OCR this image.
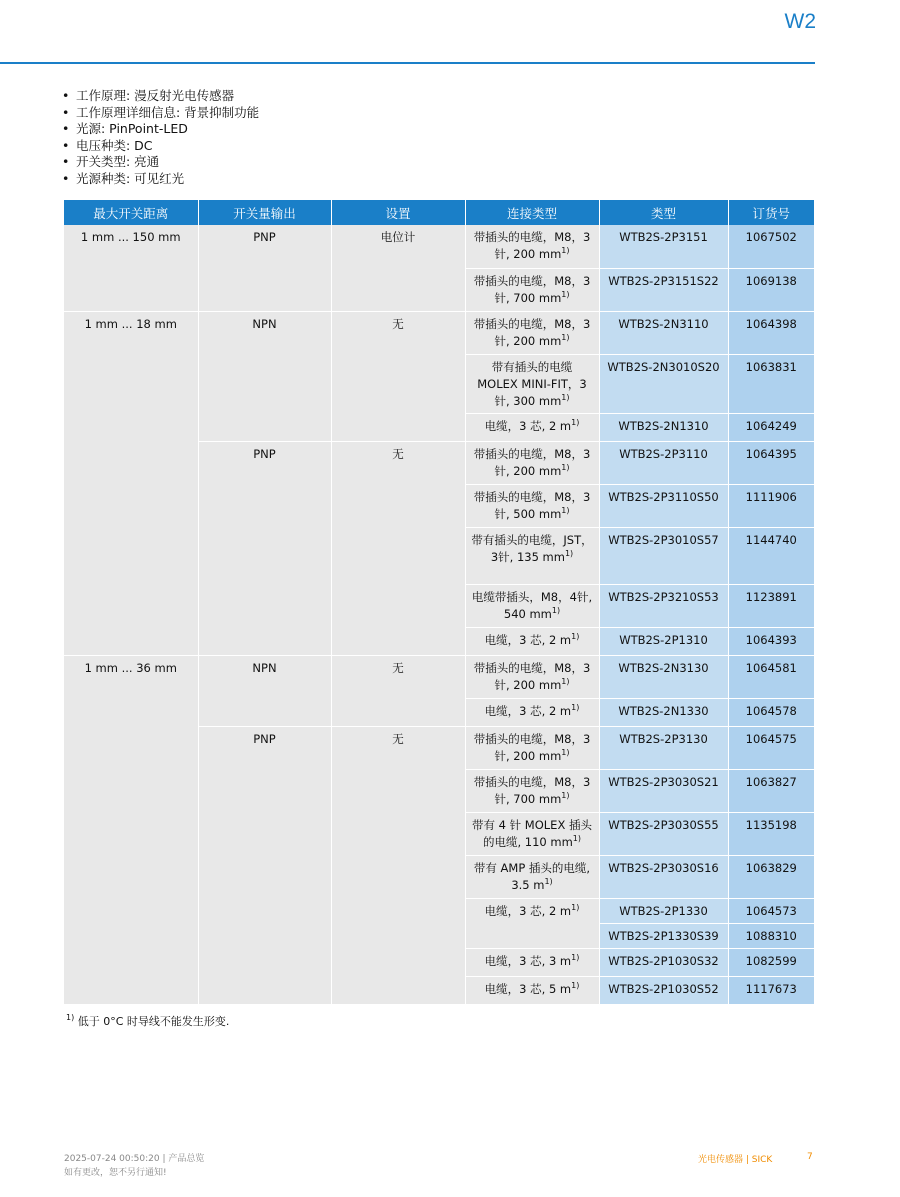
W2
• 工作原理: 漫反射光电传感器
• 工作原理详细信息: 背景抑制功能
• 光源: PinPoint-LED
• 电压种类: DC
• 开关类型: 亮通
• 光源种类: 可见红光
最大开关距离	开关量输出	设置	连接类型	类型	订货号
1 mm ... 150 mm	PNP	电位计	带插头的电缆，M8，3针, 200 $mm^{1)}$	WTB2S-2P3151	1067502
			带插头的电缆，M8，3针, 700 $mm^{1)}$	WTB2S-2P3151S22	1069138
1 mm ... 18 mm	NPN	无	带插头的电缆，M8，3针, 200 $mm^{1)}$	WTB2S-2N3110	1064398
			带有插头的电缆 MOLEX MINI-FIT，3 针, 300 $mm^{1)}$	WTB2S-2N3010S20	1063831
			电缆，3 芯, 2 $m^{1)}$	WTB2S-2N1310	1064249
	PNP	无	带插头的电缆，M8，3针, 200 $mm^{1)}$	WTB2S-2P3110	1064395
			带插头的电缆，M8，3针, 500 $mm^{1)}$	WTB2S-2P3110S50	1111906
			带有插头的电缆，JST，3针, 135 $mm^{1)}$	WTB2S-2P3010S57	1144740
			电缆带插头，M8，4针, 540 $mm^{1)}$	WTB2S-2P3210S53	1123891
			电缆，3 芯, 2 $m^{1)}$	WTB2S-2P1310	1064393
1 mm ... 36 mm	NPN	无	带插头的电缆，M8，3针, 200 $mm^{1)}$	WTB2S-2N3130	1064581
			电缆，3 芯, 2 $m^{1)}$	WTB2S-2N1330	1064578
	PNP	无	带插头的电缆，M8，3针, 200 $mm^{1)}$	WTB2S-2P3130	1064575
			带插头的电缆，M8，3针, 700 $mm^{1)}$	WTB2S-2P3030S21	1063827
			带有 4 针 MOLEX 插头的电缆, 110 $mm^{1)}$	WTB2S-2P3030S55	1135198
			带有 AMP 插头的电缆, 3.5 $m^{1)}$	WTB2S-2P3030S16	1063829
			电缆，3 芯, 2 $m^{1)}$	WTB2S-2P1330	1064573
				WTB2S-2P1330S39	1088310
			电缆，3 芯, 3 $m^{1)}$	WTB2S-2P1030S32	1082599
			电缆，3 芯, 5 $m^{1)}$	WTB2S-2P1030S52	1117673
$^{1)}$ 低于 0°C 时导线不能发生形变.
2025-07-24 00:50:20 | 产品总览
如有更改，恕不另行通知!
光电传感器 | SICK	7
